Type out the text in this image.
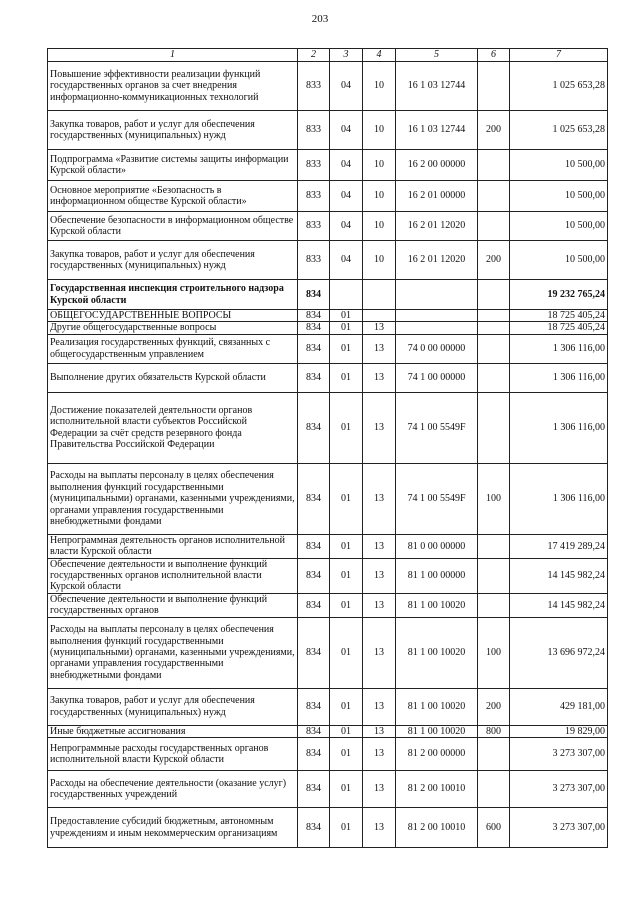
203
1	2	3	4	5	6	7
Повышение эффективности реализации функций государственных органов за счет внедрения информационно-коммуникационных технологий	833	04	10	16 1 03 12744		1 025 653,28
Закупка товаров, работ и услуг для обеспечения государственных (муниципальных) нужд	833	04	10	16 1 03 12744	200	1 025 653,28
Подпрограмма «Развитие системы защиты информации Курской области»	833	04	10	16 2 00 00000		10 500,00
Основное мероприятие «Безопасность в информационном обществе Курской области»	833	04	10	16 2 01 00000		10 500,00
Обеспечение безопасности в информационном обществе Курской области	833	04	10	16 2 01 12020		10 500,00
Закупка товаров, работ и услуг для обеспечения государственных (муниципальных) нужд	833	04	10	16 2 01 12020	200	10 500,00
Государственная инспекция строительного надзора Курской области	834					19 232 765,24
ОБЩЕГОСУДАРСТВЕННЫЕ ВОПРОСЫ	834	01				18 725 405,24
Другие общегосударственные вопросы	834	01	13			18 725 405,24
Реализация государственных функций, связанных с общегосударственным управлением	834	01	13	74 0 00 00000		1 306 116,00
Выполнение других обязательств Курской области	834	01	13	74 1 00 00000		1 306 116,00
Достижение показателей деятельности органов исполнительной власти субъектов Российской Федерации за счёт средств резервного фонда Правительства Российской Федерации	834	01	13	74 1 00 5549F		1 306 116,00
Расходы на выплаты персоналу в целях обеспечения выполнения функций государственными (муниципальными) органами, казенными учреждениями, органами управления государственными внебюджетными фондами	834	01	13	74 1 00 5549F	100	1 306 116,00
Непрограммная деятельность органов исполнительной власти Курской области	834	01	13	81 0 00 00000		17 419 289,24
Обеспечение деятельности и выполнение функций государственных органов исполнительной власти Курской области	834	01	13	81 1 00 00000		14 145 982,24
Обеспечение деятельности и выполнение функций государственных органов	834	01	13	81 1 00 10020		14 145 982,24
Расходы на выплаты персоналу в целях обеспечения выполнения функций государственными (муниципальными) органами, казенными учреждениями, органами управления государственными внебюджетными фондами	834	01	13	81 1 00 10020	100	13 696 972,24
Закупка товаров, работ и услуг для обеспечения государственных (муниципальных) нужд	834	01	13	81 1 00 10020	200	429 181,00
Иные бюджетные ассигнования	834	01	13	81 1 00 10020	800	19 829,00
Непрограммные расходы государственных органов исполнительной власти Курской области	834	01	13	81 2 00 00000		3 273 307,00
Расходы на обеспечение деятельности (оказание услуг) государственных учреждений	834	01	13	81 2 00 10010		3 273 307,00
Предоставление субсидий бюджетным, автономным учреждениям и иным некоммерческим организациям	834	01	13	81 2 00 10010	600	3 273 307,00
